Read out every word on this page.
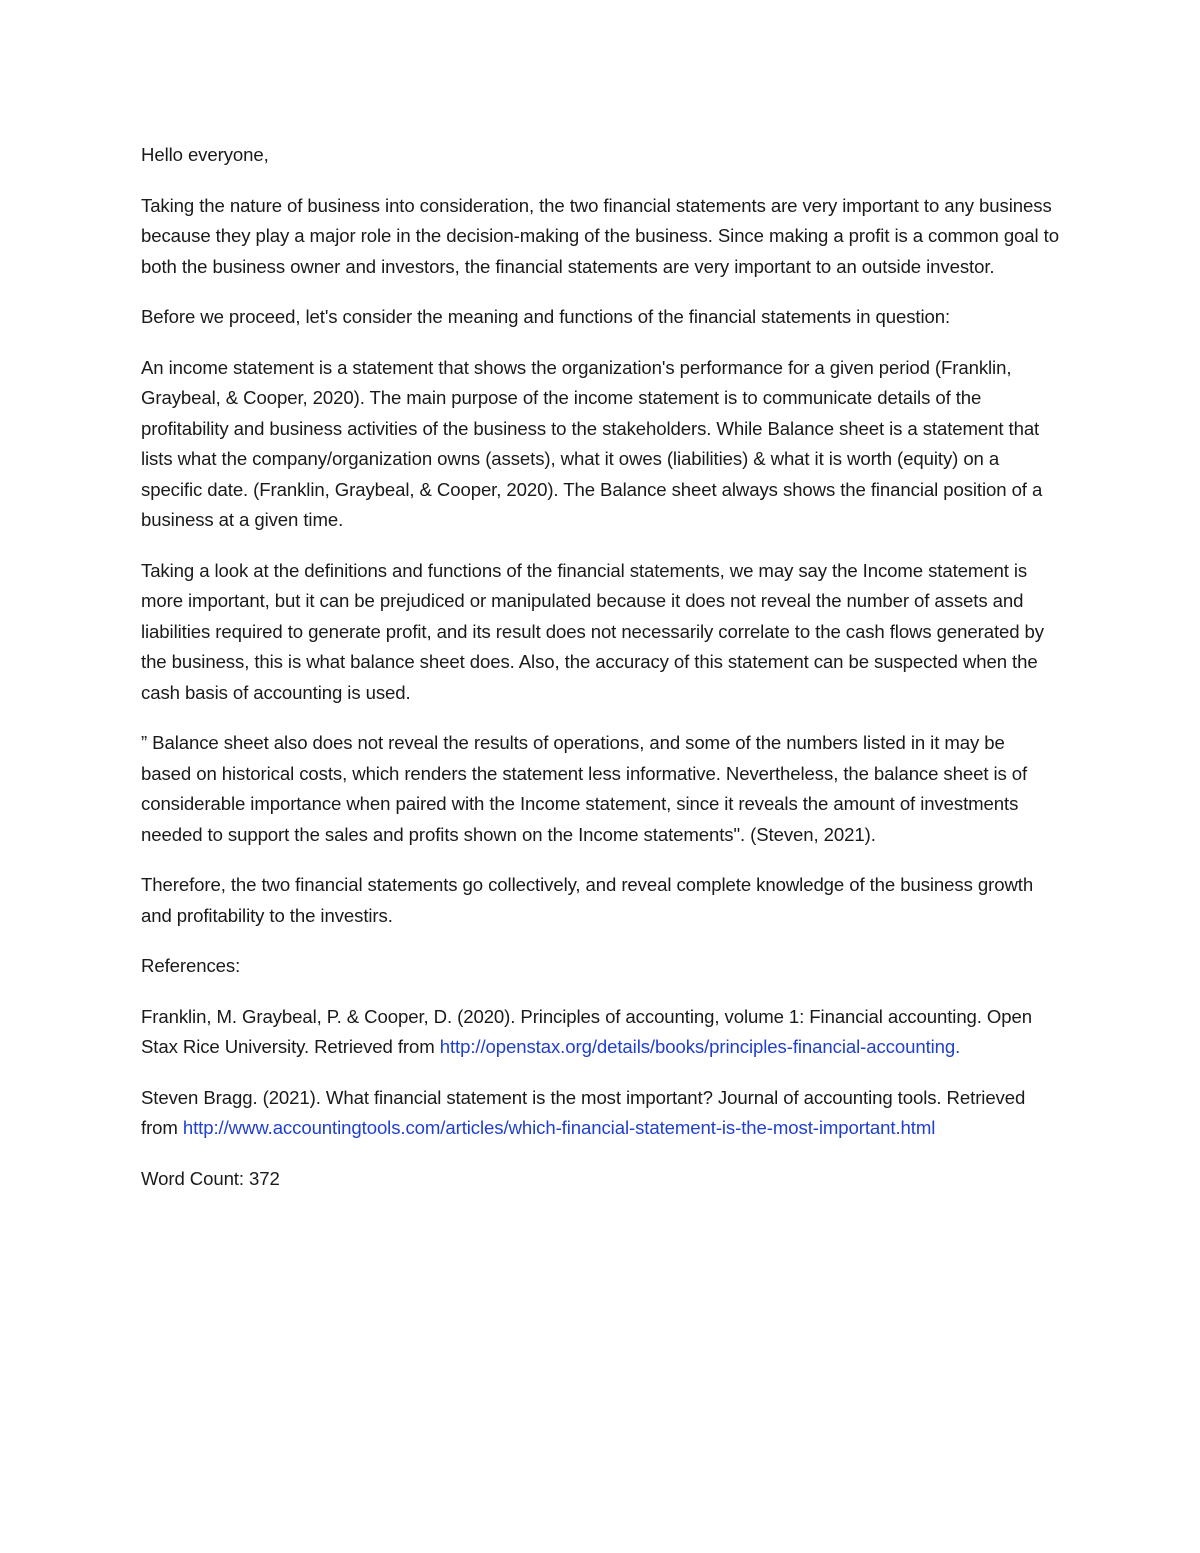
Hello everyone,

Taking the nature of business into consideration, the two financial statements are very important to any business because they play a major role in the decision-making of the business. Since making a profit is a common goal to both the business owner and investors, the financial statements are very important to an outside investor.

Before we proceed, let's consider the meaning and functions of the financial statements in question:

An income statement is a statement that shows the organization's performance for a given period (Franklin, Graybeal, & Cooper, 2020). The main purpose of the income statement is to communicate details of the profitability and business activities of the business to the stakeholders. While Balance sheet is a statement that lists what the company/organization owns (assets), what it owes (liabilities) & what it is worth (equity) on a specific date. (Franklin, Graybeal, & Cooper, 2020). The Balance sheet always shows the financial position of a business at a given time.

Taking a look at the definitions and functions of the financial statements, we may say the Income statement is more important, but it can be prejudiced or manipulated because it does not reveal the number of assets and liabilities required to generate profit, and its result does not necessarily correlate to the cash flows generated by the business, this is what balance sheet does. Also, the accuracy of this statement can be suspected when the cash basis of accounting is used.

” Balance sheet also does not reveal the results of operations, and some of the numbers listed in it may be based on historical costs, which renders the statement less informative. Nevertheless, the balance sheet is of considerable importance when paired with the Income statement, since it reveals the amount of investments needed to support the sales and profits shown on the Income statements". (Steven, 2021).

Therefore, the two financial statements go collectively, and reveal complete knowledge of the business growth and profitability to the investirs.

References:

Franklin, M. Graybeal, P. & Cooper, D. (2020). Principles of accounting, volume 1: Financial accounting. Open Stax Rice University. Retrieved from http://openstax.org/details/books/principles-financial-accounting.

Steven Bragg. (2021). What financial statement is the most important? Journal of accounting tools. Retrieved from http://www.accountingtools.com/articles/which-financial-statement-is-the-most-important.html

Word Count: 372
